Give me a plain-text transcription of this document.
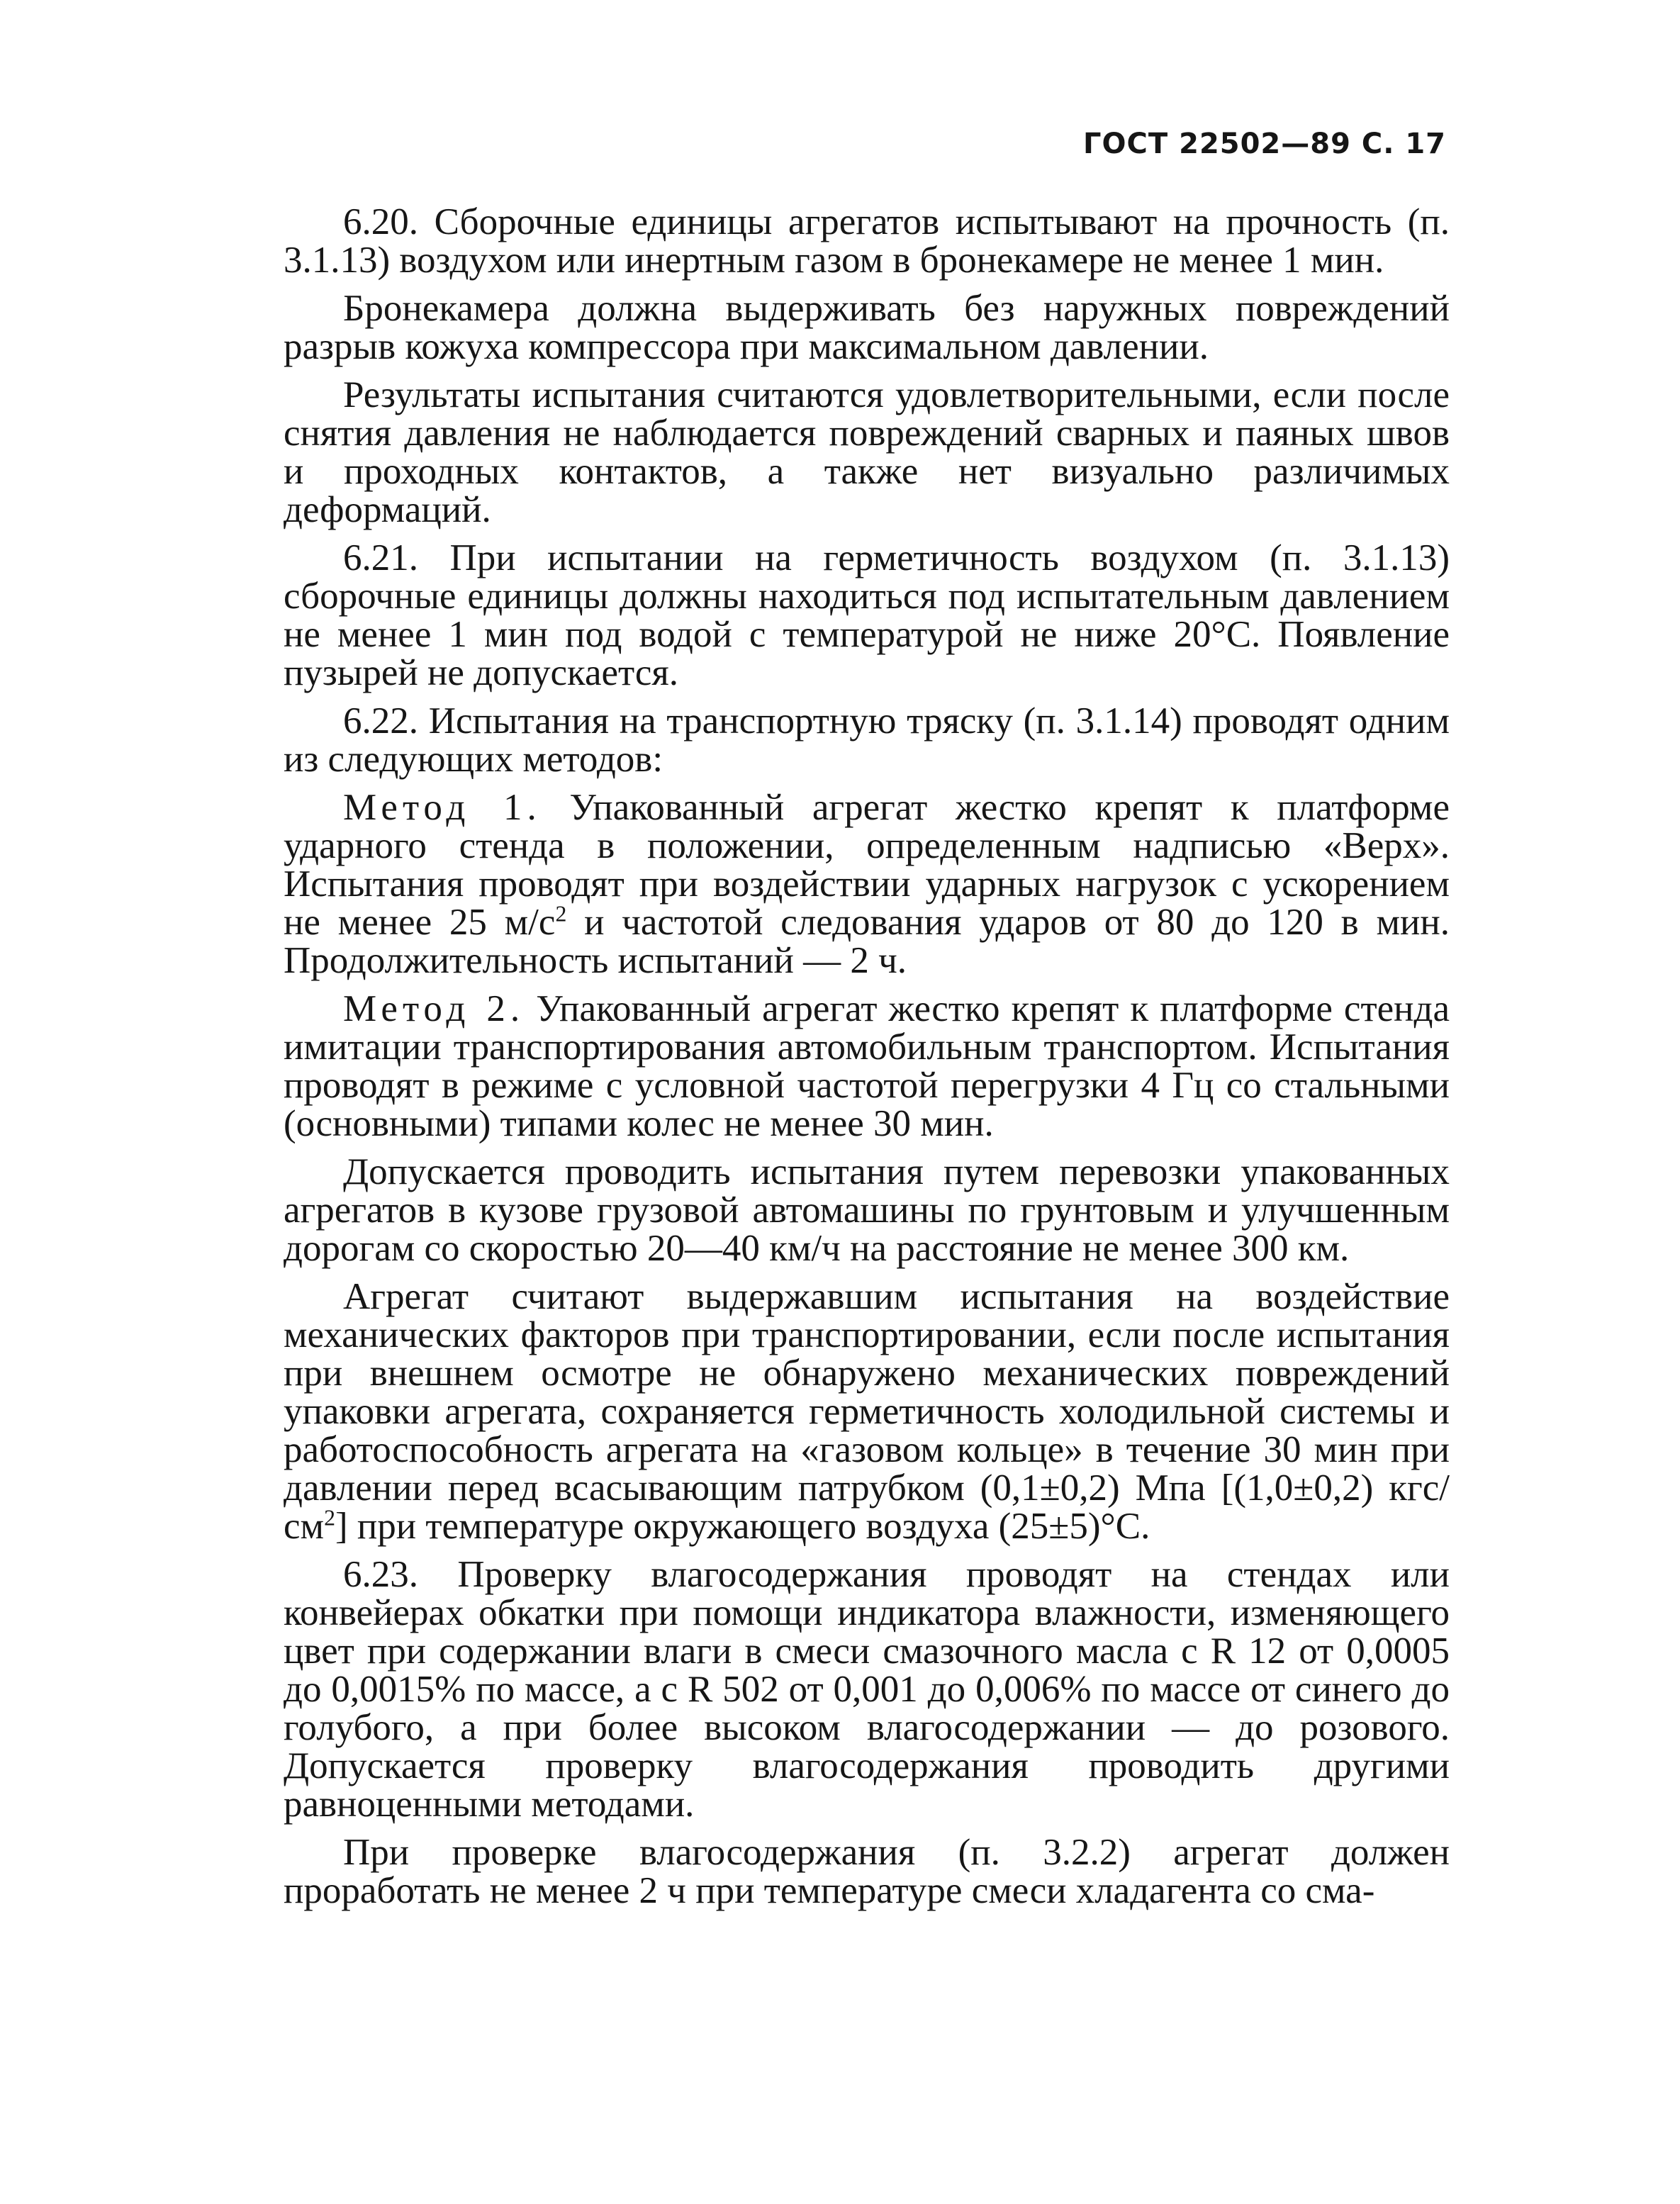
ГОСТ 22502—89 С. 17

6.20. Сборочные единицы агрегатов испытывают на прочность (п. 3.1.13) воздухом или инертным газом в бронекамере не менее 1 мин.

Бронекамера должна выдерживать без наружных повреждений разрыв кожуха компрессора при максимальном давлении.

Результаты испытания считаются удовлетворительными, если после снятия давления не наблюдается повреждений сварных и паяных швов и проходных контактов, а также нет визуально различимых деформаций.

6.21. При испытании на герметичность воздухом (п. 3.1.13) сборочные единицы должны находиться под испытательным давлением не менее 1 мин под водой с температурой не ниже 20°С. Появление пузырей не допускается.

6.22. Испытания на транспортную тряску (п. 3.1.14) проводят одним из следующих методов:

Метод 1. Упакованный агрегат жестко крепят к платформе ударного стенда в положении, определенным надписью «Верх». Испытания проводят при воздействии ударных нагрузок с ускорением не менее 25 $м/с^2$ и частотой следования ударов от 80 до 120 в мин. Продолжительность испытаний — 2 ч.

Метод 2. Упакованный агрегат жестко крепят к платформе стенда имитации транспортирования автомобильным транспортом. Испытания проводят в режиме с условной частотой перегрузки 4 Гц со стальными (основными) типами колес не менее 30 мин.

Допускается проводить испытания путем перевозки упакованных агрегатов в кузове грузовой автомашины по грунтовым и улучшенным дорогам со скоростью 20—40 км/ч на расстояние не менее 300 км.

Агрегат считают выдержавшим испытания на воздействие механических факторов при транспортировании, если после испытания при внешнем осмотре не обнаружено механических повреждений упаковки агрегата, сохраняется герметичность холодильной системы и работоспособность агрегата на «газовом кольце» в течение 30 мин при давлении перед всасывающим патрубком (0,1±0,2) Мпа [(1,0±0,2) кгс/$см^2$] при температуре окружающего воздуха (25±5)°С.

6.23. Проверку влагосодержания проводят на стендах или конвейерах обкатки при помощи индикатора влажности, изменяющего цвет при содержании влаги в смеси смазочного масла с R 12 от 0,0005 до 0,0015% по массе, а с R 502 от 0,001 до 0,006% по массе от синего до голубого, а при более высоком влагосодержании — до розового. Допускается проверку влагосодержания проводить другими равноценными методами.

При проверке влагосодержания (п. 3.2.2) агрегат должен проработать не менее 2 ч при температуре смеси хладагента со сма-
